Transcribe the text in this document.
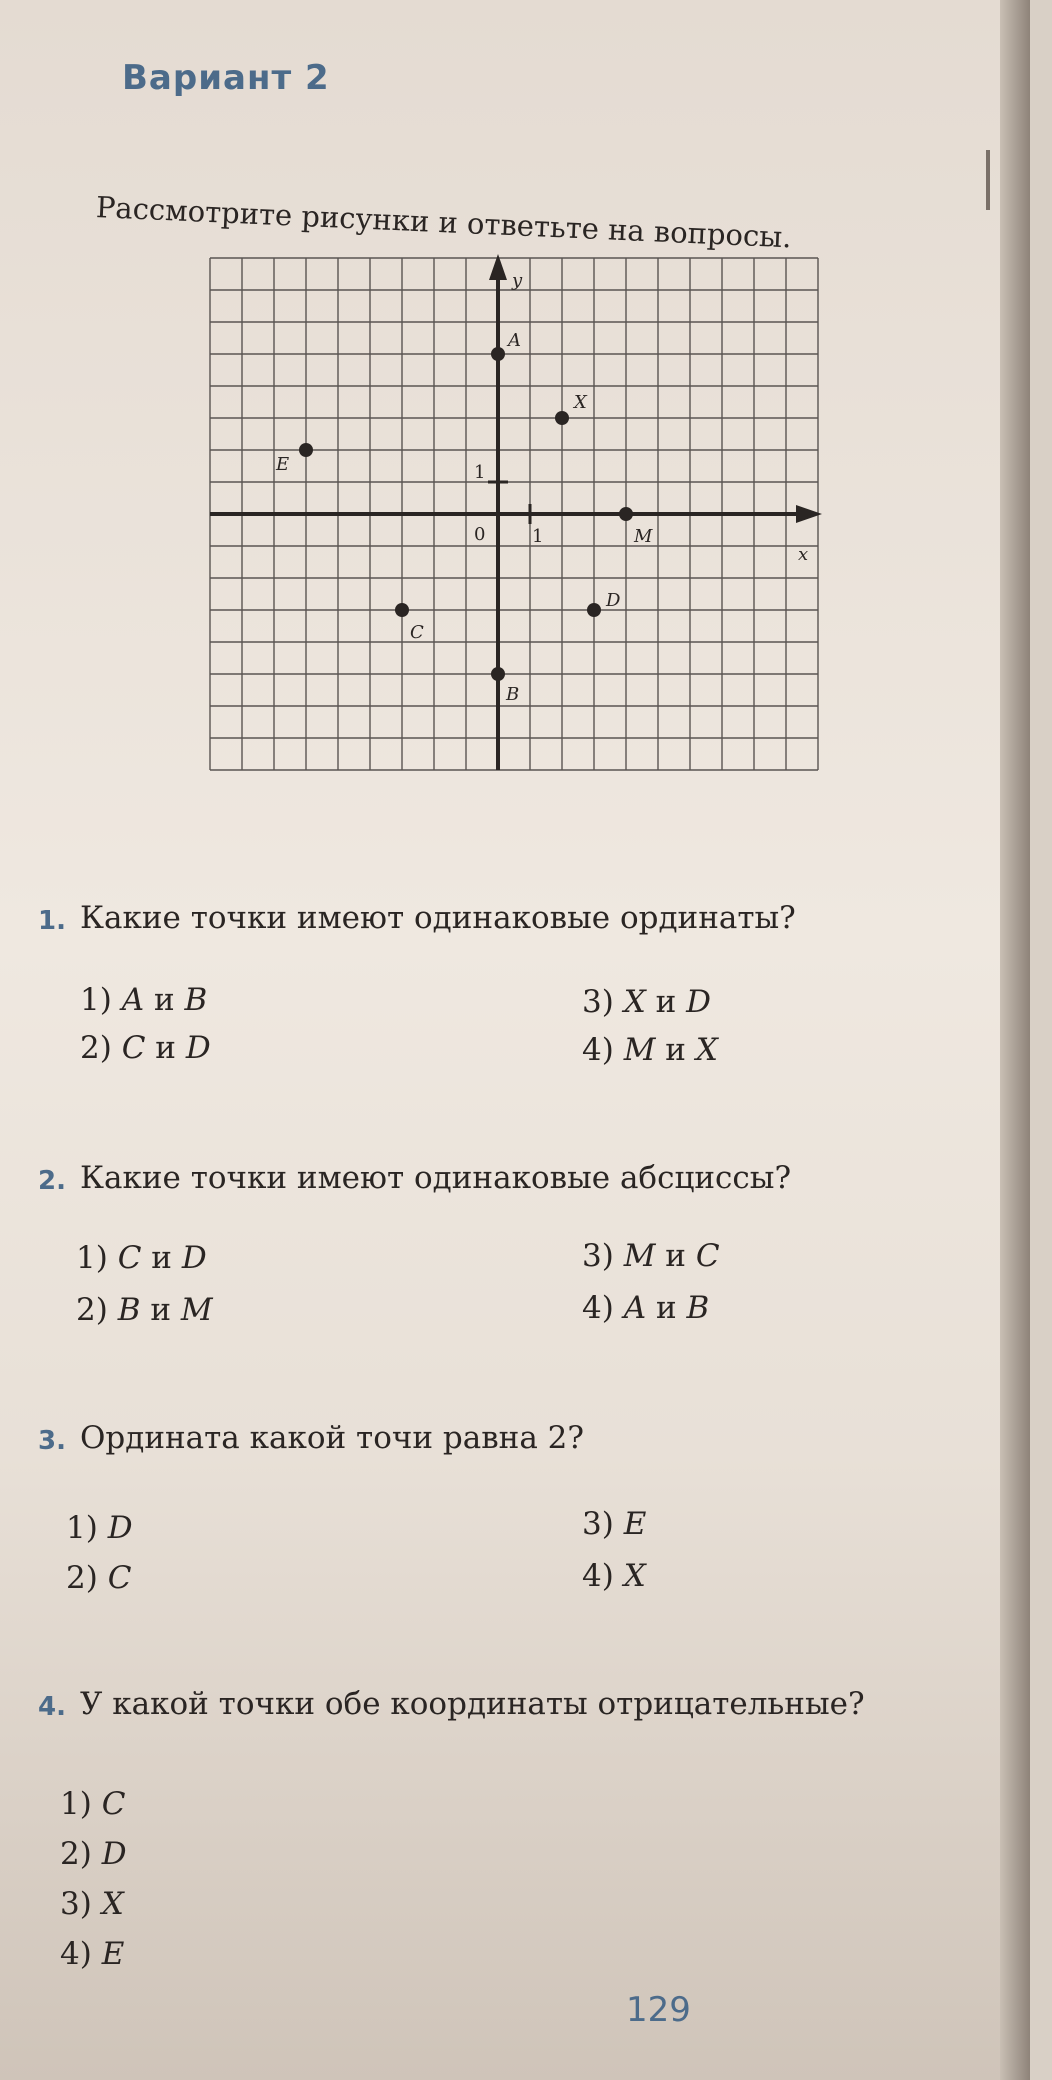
Вариант 2
Рассмотрите рисунки и ответьте на вопросы.
0	1
1
x
y
A
X
E
M
C
D
B
1. Какие точки имеют одинаковые ординаты?
1) A и B
2) C и D
3) X и D
4) M и X
2. Какие точки имеют одинаковые абсциссы?
1) C и D
2) B и M
3) M и C
4) A и B
3. Ордината какой точи равна 2?
1) D
2) C
3) E
4) X
4. У какой точки обе координаты отрицательные?
1) C
2) D
3) X
4) E
129
